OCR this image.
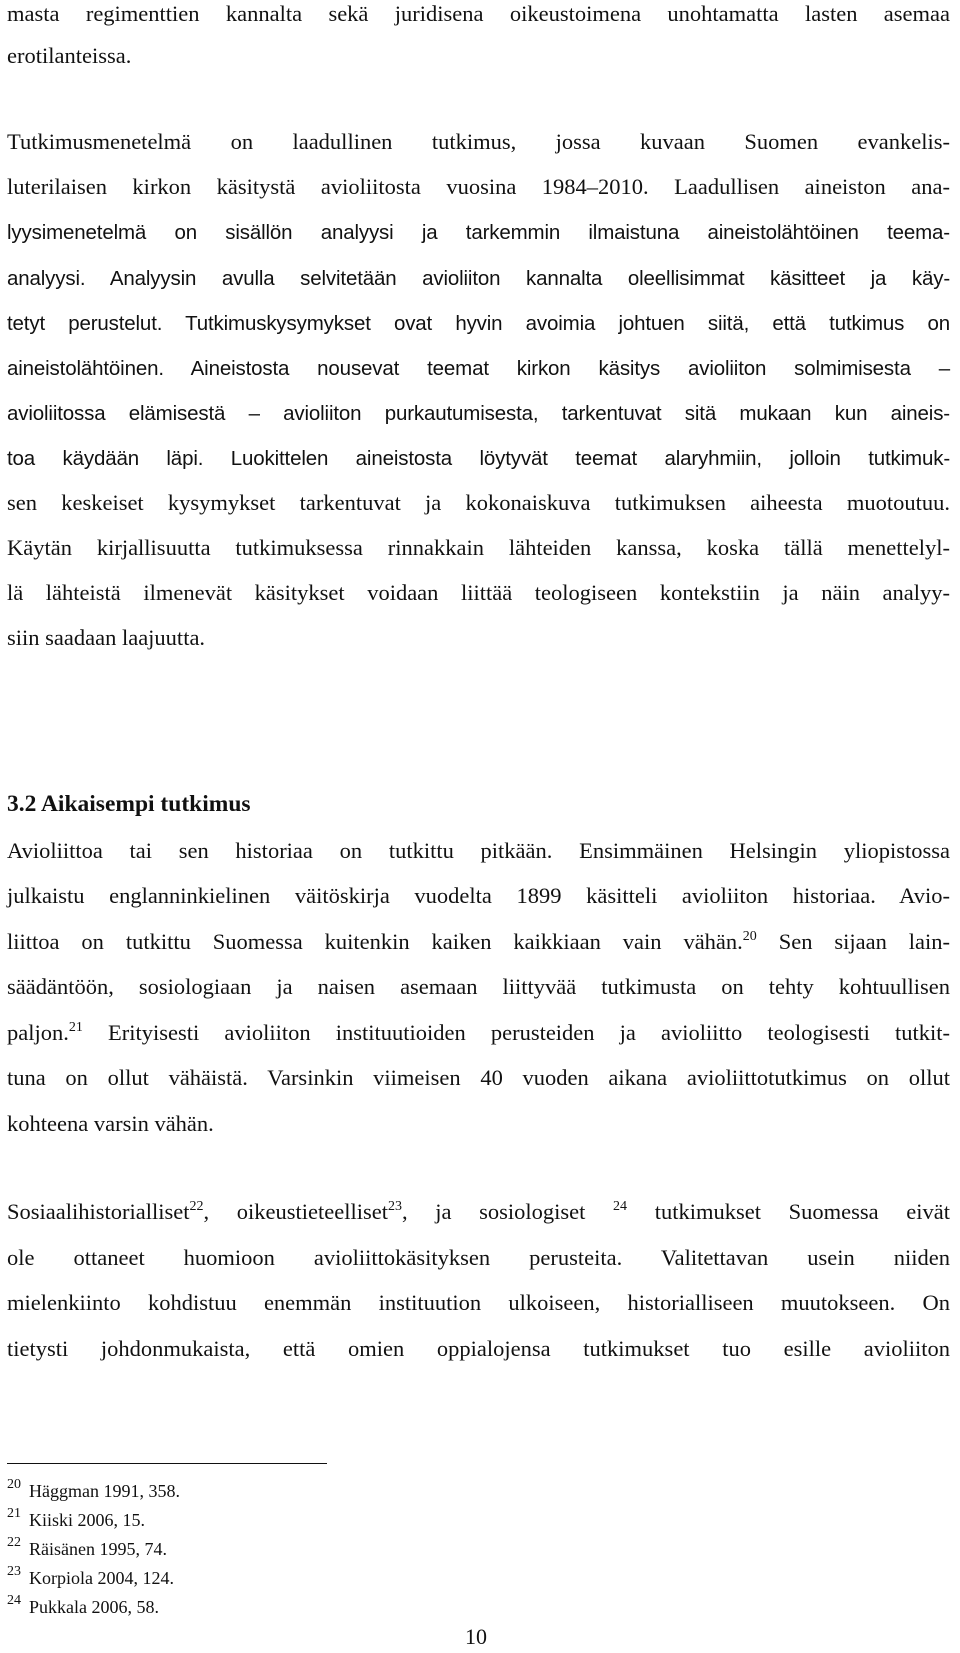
masta regimenttien kannalta sekä juridisena oikeustoimena unohtamatta lasten asemaa
erotilanteissa.
Tutkimusmenetelmä on laadullinen tutkimus, jossa kuvaan Suomen evankelis-
luterilaisen kirkon käsitystä avioliitosta vuosina 1984–2010. Laadullisen aineiston ana-
lyysimenetelmä on sisällön analyysi ja tarkemmin ilmaistuna aineistolähtöinen teema-
analyysi. Analyysin avulla selvitetään avioliiton kannalta oleellisimmat käsitteet ja käy-
tetyt perustelut. Tutkimuskysymykset ovat hyvin avoimia johtuen siitä, että tutkimus on
aineistolähtöinen. Aineistosta nousevat teemat kirkon käsitys avioliiton solmimisesta –
avioliitossa elämisestä – avioliiton purkautumisesta, tarkentuvat sitä mukaan kun aineis-
toa käydään läpi. Luokittelen aineistosta löytyvät teemat alaryhmiin, jolloin tutkimuk-
sen keskeiset kysymykset tarkentuvat ja kokonaiskuva tutkimuksen aiheesta muotoutuu.
Käytän kirjallisuutta tutkimuksessa rinnakkain lähteiden kanssa, koska tällä menettelyl-
lä lähteistä ilmenevät käsitykset voidaan liittää teologiseen kontekstiin ja näin analyy-
siin saadaan laajuutta.
3.2 Aikaisempi tutkimus
Avioliittoa tai sen historiaa on tutkittu pitkään. Ensimmäinen Helsingin yliopistossa
julkaistu englanninkielinen väitöskirja vuodelta 1899 käsitteli avioliiton historiaa. Avio-
liittoa on tutkittu Suomessa kuitenkin kaiken kaikkiaan vain vähän.$^{20}$ Sen sijaan lain-
säädäntöön, sosiologiaan ja naisen asemaan liittyvää tutkimusta on tehty kohtuullisen
paljon.$^{21}$ Erityisesti avioliiton instituutioiden perusteiden ja avioliitto teologisesti tutkit-
tuna on ollut vähäistä. Varsinkin viimeisen 40 vuoden aikana avioliittotutkimus on ollut
kohteena varsin vähän.
Sosiaalihistorialliset$^{22}$, oikeustieteelliset$^{23}$, ja sosiologiset $^{24}$ tutkimukset Suomessa eivät
ole ottaneet huomioon avioliittokäsityksen perusteita. Valitettavan usein niiden
mielenkiinto kohdistuu enemmän instituution ulkoiseen, historialliseen muutokseen. On
tietysti johdonmukaista, että omien oppialojensa tutkimukset tuo esille avioliiton
20 Häggman 1991, 358.
21 Kiiski 2006, 15.
22 Räisänen 1995, 74.
23 Korpiola 2004, 124.
24 Pukkala 2006, 58.
10
